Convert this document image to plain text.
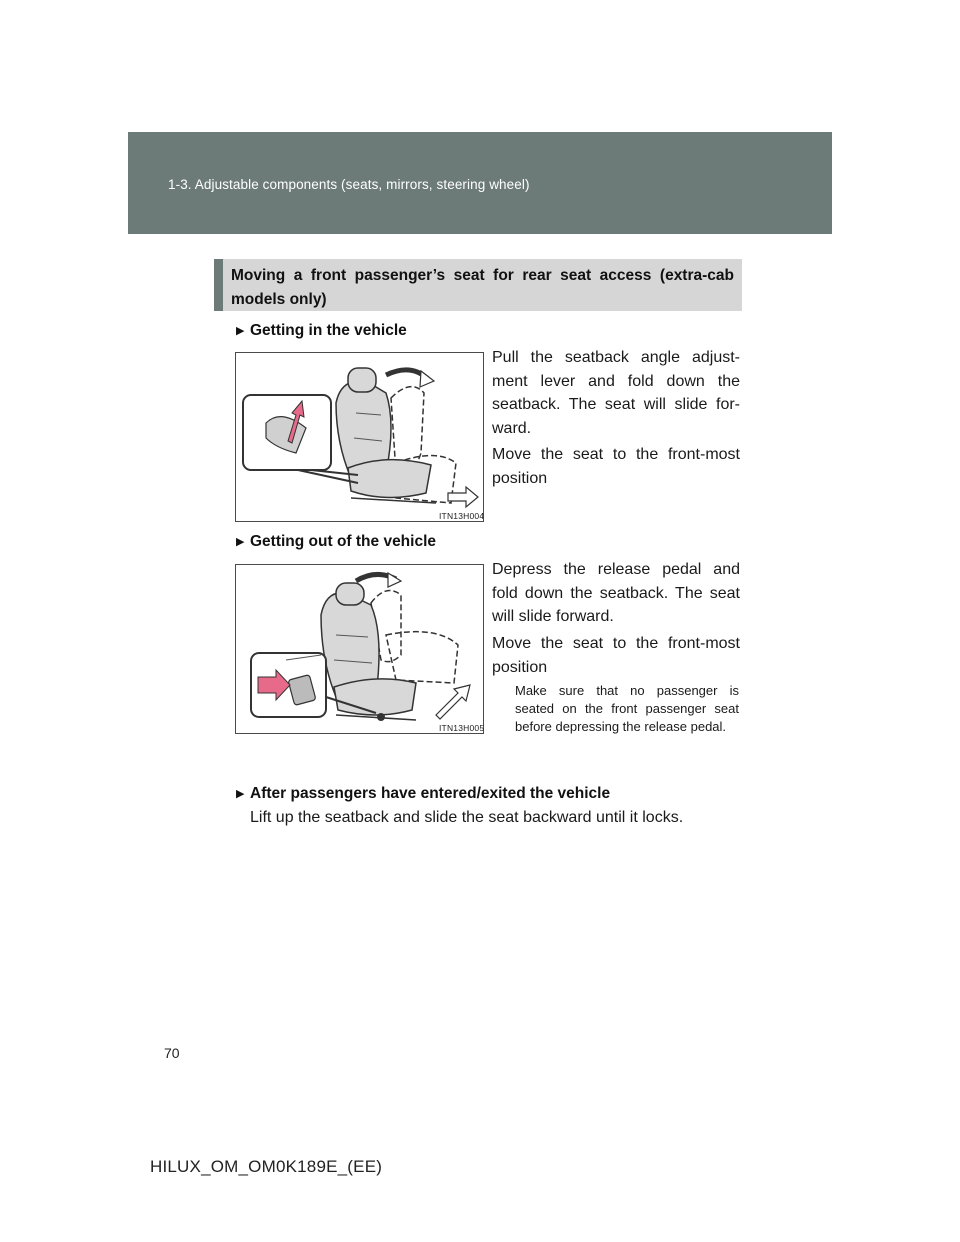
1-3. Adjustable components (seats, mirrors, steering wheel)
Moving a front passenger’s seat for rear seat access (extra-cab models only)
▶ Getting in the vehicle
ITN13H004
Pull the seatback angle adjust-ment lever and fold down the seatback. The seat will slide for-ward.
Move the seat to the front-most position
▶ Getting out of the vehicle
ITN13H005
Depress the release pedal and fold down the seatback. The seat will slide forward.
Move the seat to the front-most position
Make sure that no passenger is seated on the front passenger seat before depressing the release pedal.
▶ After passengers have entered/exited the vehicle
Lift up the seatback and slide the seat backward until it locks.
70
HILUX_OM_OM0K189E_(EE)
